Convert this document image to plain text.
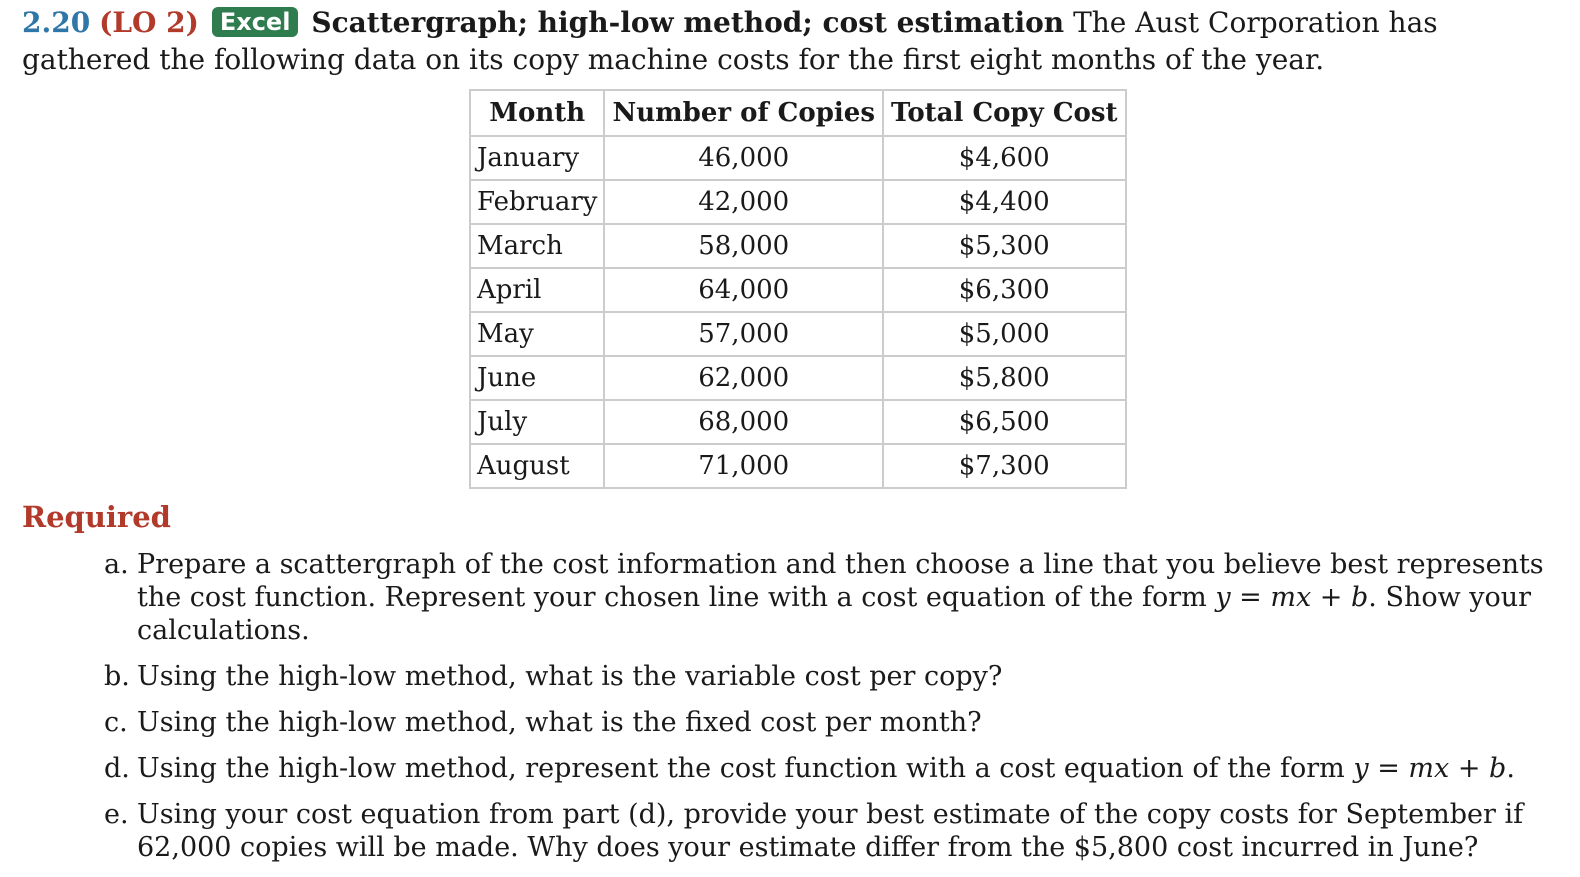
2.20 (LO 2) Excel Scattergraph; high-low method; cost estimation The Aust Corporation has gathered the following data on its copy machine costs for the first eight months of the year.
Month	Number of Copies	Total Copy Cost
January	46,000	$4,600
February	42,000	$4,400
March	58,000	$5,300
April	64,000	$6,300
May	57,000	$5,000
June	62,000	$5,800
July	68,000	$6,500
August	71,000	$7,300
Required
a. Prepare a scattergraph of the cost information and then choose a line that you believe best represents the cost function. Represent your chosen line with a cost equation of the form y = mx + b. Show your calculations.
b. Using the high-low method, what is the variable cost per copy?
c. Using the high-low method, what is the fixed cost per month?
d. Using the high-low method, represent the cost function with a cost equation of the form y = mx + b.
e. Using your cost equation from part (d), provide your best estimate of the copy costs for September if 62,000 copies will be made. Why does your estimate differ from the $5,800 cost incurred in June?
